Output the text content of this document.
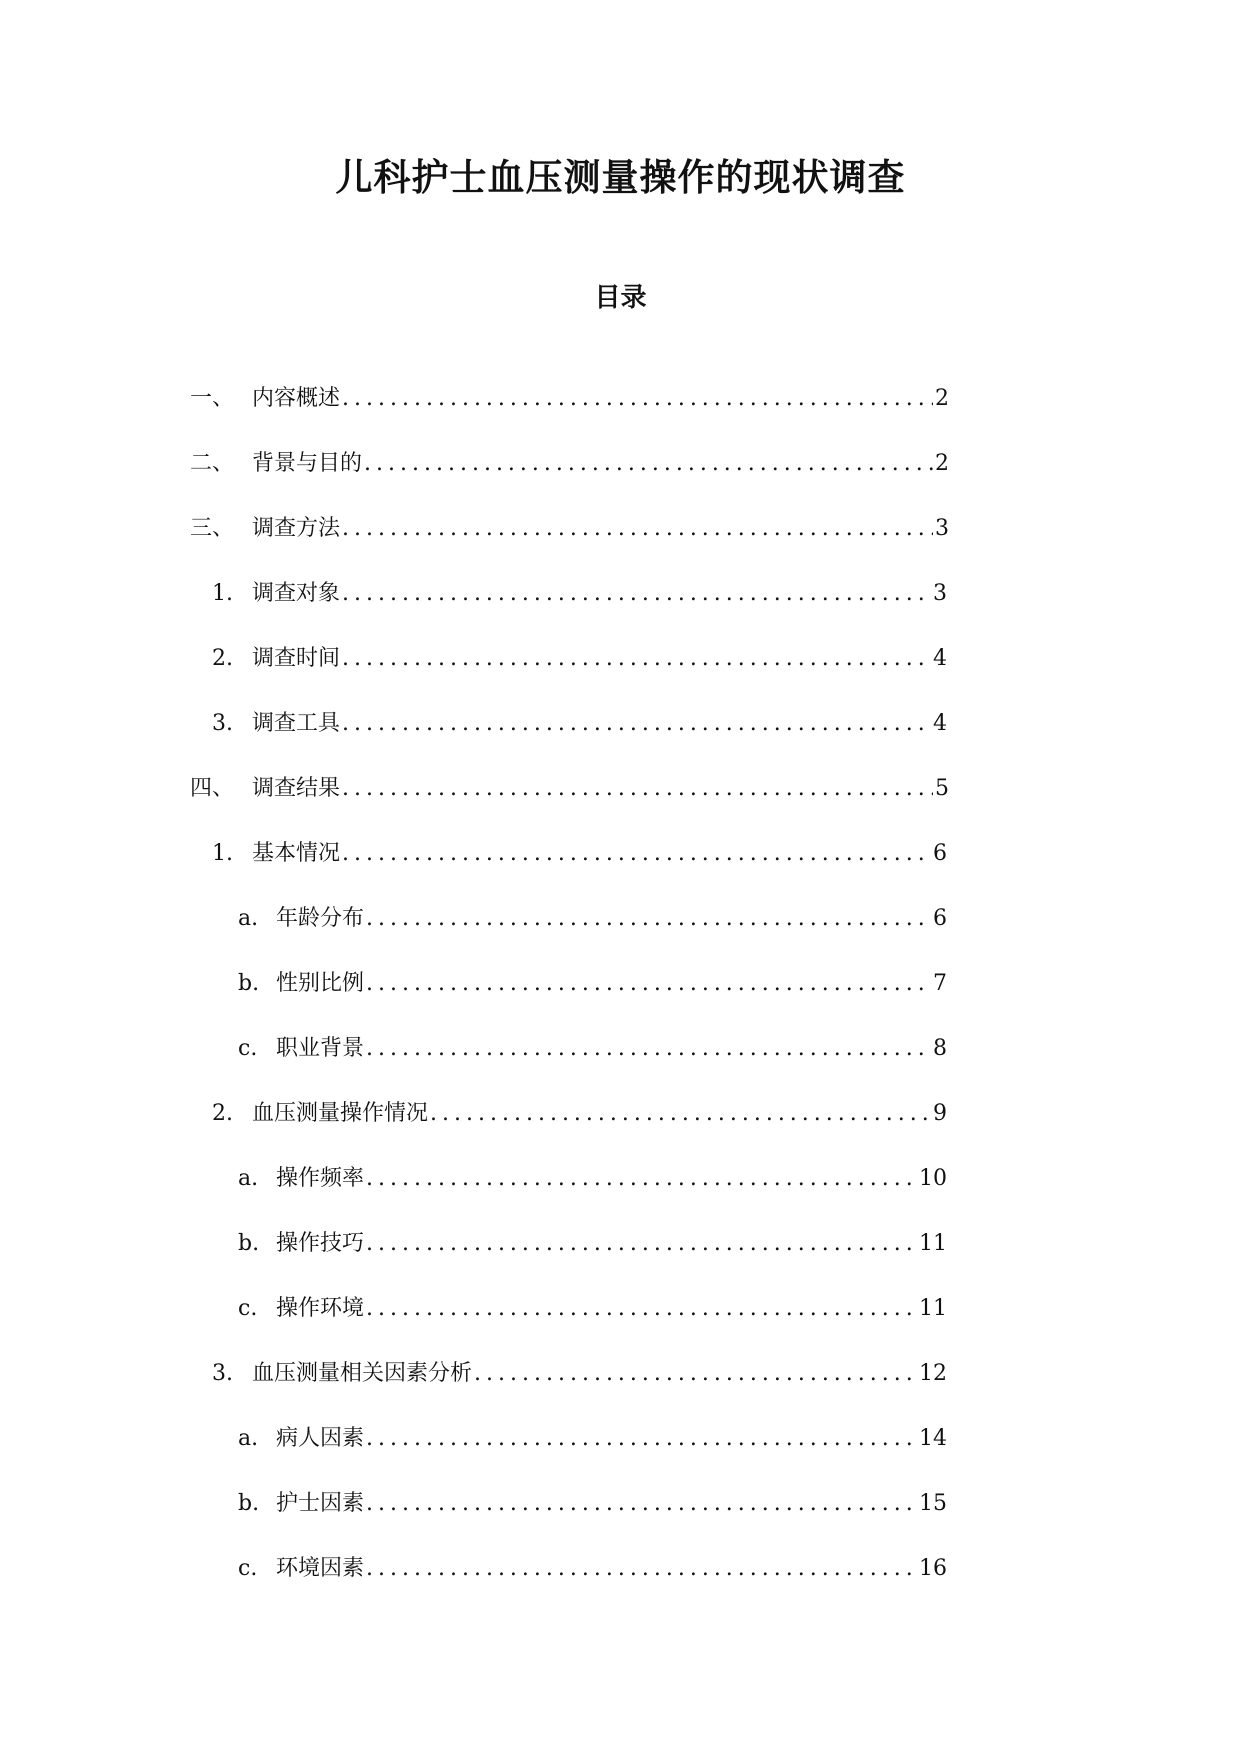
儿科护士血压测量操作的现状调查
目录
一、 内容概述 .....	2
二、 背景与目的 .....	2
三、 调查方法 .....	3
1. 调查对象 .....	3
2. 调查时间 .....	4
3. 调查工具 .....	4
四、 调查结果 .....	5
1. 基本情况 .....	6
a. 年龄分布 .....	6
b. 性别比例 .....	7
c. 职业背景 .....	8
2. 血压测量操作情况 .....	9
a. 操作频率 .....	10
b. 操作技巧 .....	11
c. 操作环境 .....	11
3. 血压测量相关因素分析 .....	12
a. 病人因素 .....	14
b. 护士因素 .....	15
c. 环境因素 .....	16
